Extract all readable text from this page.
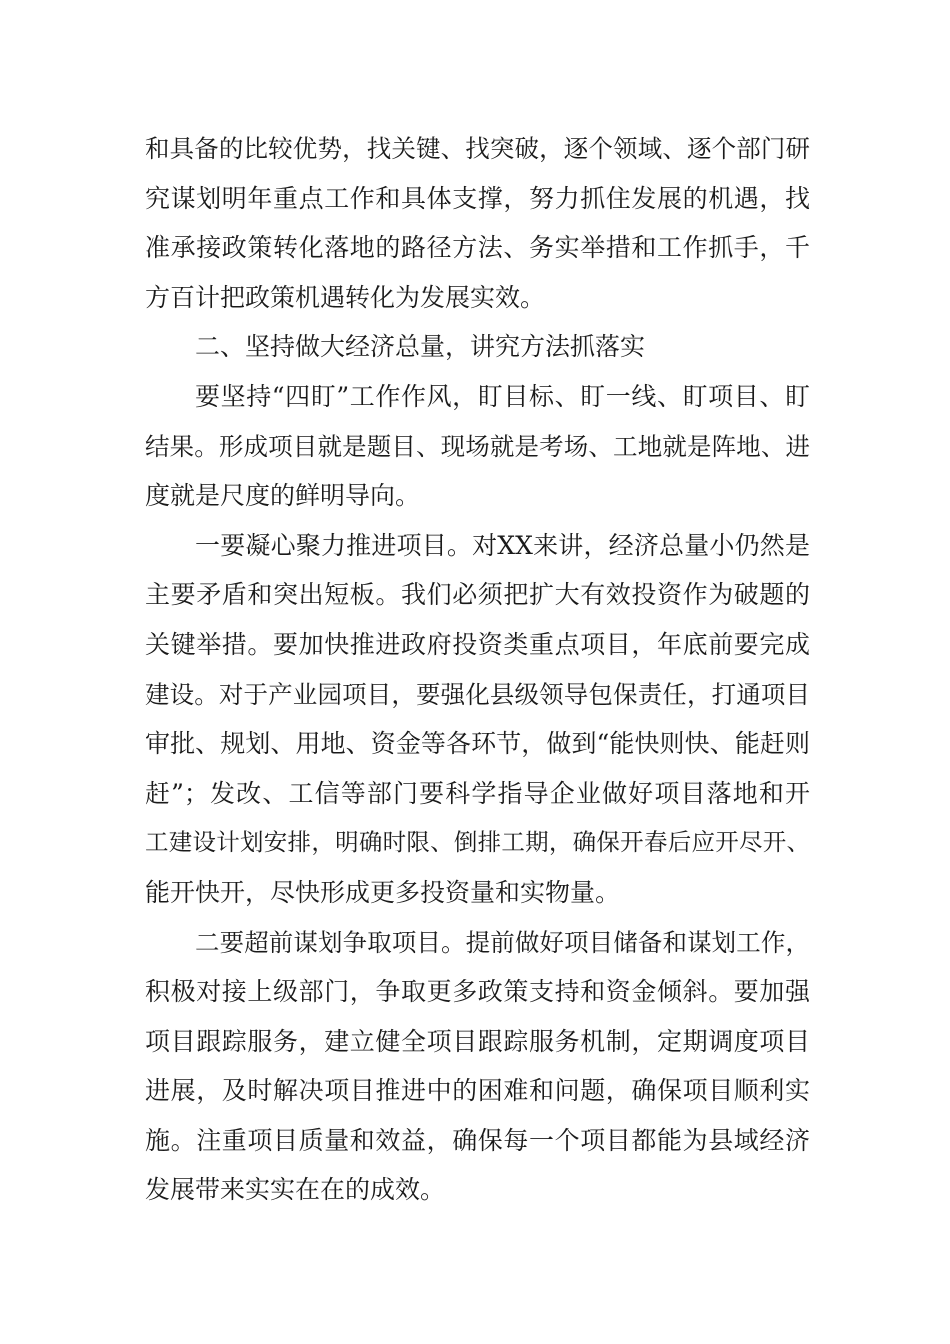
和具备的比较优势，找关键、找突破，逐个领域、逐个部门研
究谋划明年重点工作和具体支撑，努力抓住发展的机遇，找
准承接政策转化落地的路径方法、务实举措和工作抓手，千
方百计把政策机遇转化为发展实效。
二、坚持做大经济总量，讲究方法抓落实
要坚持“四盯”工作作风，盯目标、盯一线、盯项目、盯
结果。形成项目就是题目、现场就是考场、工地就是阵地、进
度就是尺度的鲜明导向。
一要凝心聚力推进项目。对XX来讲，经济总量小仍然是
主要矛盾和突出短板。我们必须把扩大有效投资作为破题的
关键举措。要加快推进政府投资类重点项目，年底前要完成
建设。对于产业园项目，要强化县级领导包保责任，打通项目
审批、规划、用地、资金等各环节，做到“能快则快、能赶则
赶”；发改、工信等部门要科学指导企业做好项目落地和开
工建设计划安排，明确时限、倒排工期，确保开春后应开尽开、
能开快开，尽快形成更多投资量和实物量。
二要超前谋划争取项目。提前做好项目储备和谋划工作，
积极对接上级部门，争取更多政策支持和资金倾斜。要加强
项目跟踪服务，建立健全项目跟踪服务机制，定期调度项目
进展，及时解决项目推进中的困难和问题，确保项目顺利实
施。注重项目质量和效益，确保每一个项目都能为县域经济
发展带来实实在在的成效。
